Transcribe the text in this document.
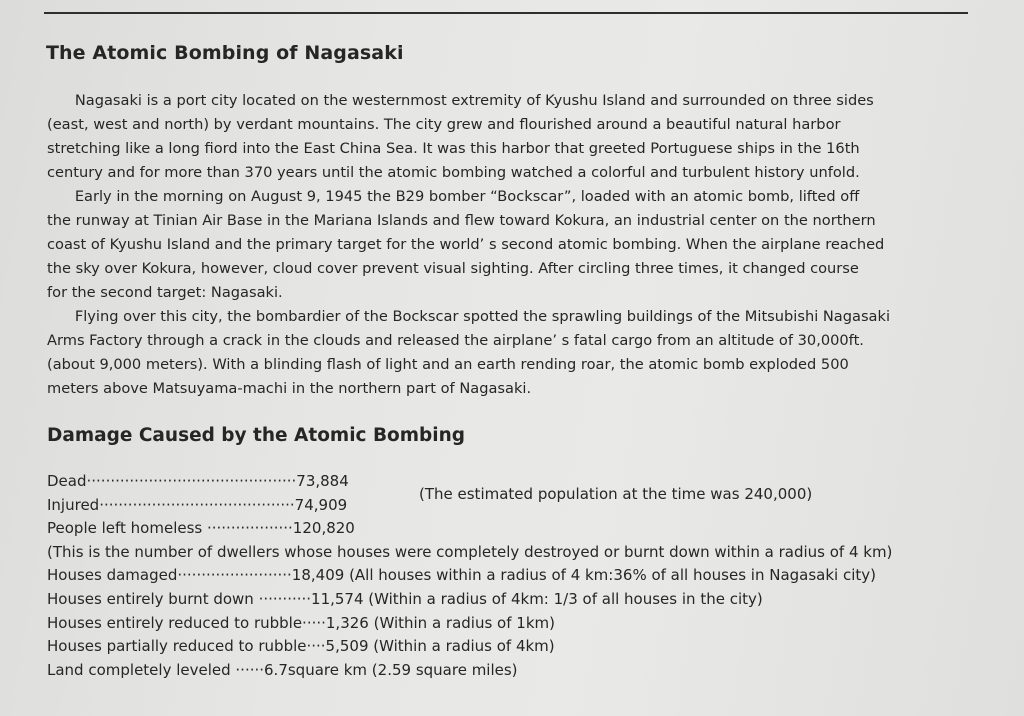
The Atomic Bombing of Nagasaki
Nagasaki is a port city located on the westernmost extremity of Kyushu Island and surrounded on three sides
(east, west and north) by verdant mountains. The city grew and flourished around a beautiful natural harbor
stretching like a long fiord into the East China Sea. It was this harbor that greeted Portuguese ships in the 16th
century and for more than 370 years until the atomic bombing watched a colorful and turbulent history unfold.
Early in the morning on August 9, 1945 the B29 bomber “Bockscar”, loaded with an atomic bomb, lifted off
the runway at Tinian Air Base in the Mariana Islands and flew toward Kokura, an industrial center on the northern
coast of Kyushu Island and the primary target for the world’ s second atomic bombing. When the airplane reached
the sky over Kokura, however, cloud cover prevent visual sighting. After circling three times, it changed course
for the second target: Nagasaki.
Flying over this city, the bombardier of the Bockscar spotted the sprawling buildings of the Mitsubishi Nagasaki
Arms Factory through a crack in the clouds and released the airplane’ s fatal cargo from an altitude of 30,000ft.
(about 9,000 meters). With a blinding flash of light and an earth rending roar, the atomic bomb exploded 500
meters above Matsuyama-machi in the northern part of Nagasaki.
Damage Caused by the Atomic Bombing
Dead············································73,884
Injured·········································74,909
People left homeless ··················120,820
(This is the number of dwellers whose houses were completely destroyed or burnt down within a radius of 4 km)
Houses damaged························18,409 (All houses within a radius of 4 km:36% of all houses in Nagasaki city)
Houses entirely burnt down ···········11,574 (Within a radius of 4km: 1/3 of all houses in the city)
Houses entirely reduced to rubble·····1,326 (Within a radius of 1km)
Houses partially reduced to rubble····5,509 (Within a radius of 4km)
Land completely leveled ······6.7square km (2.59 square miles)
(The estimated population at the time was 240,000)
